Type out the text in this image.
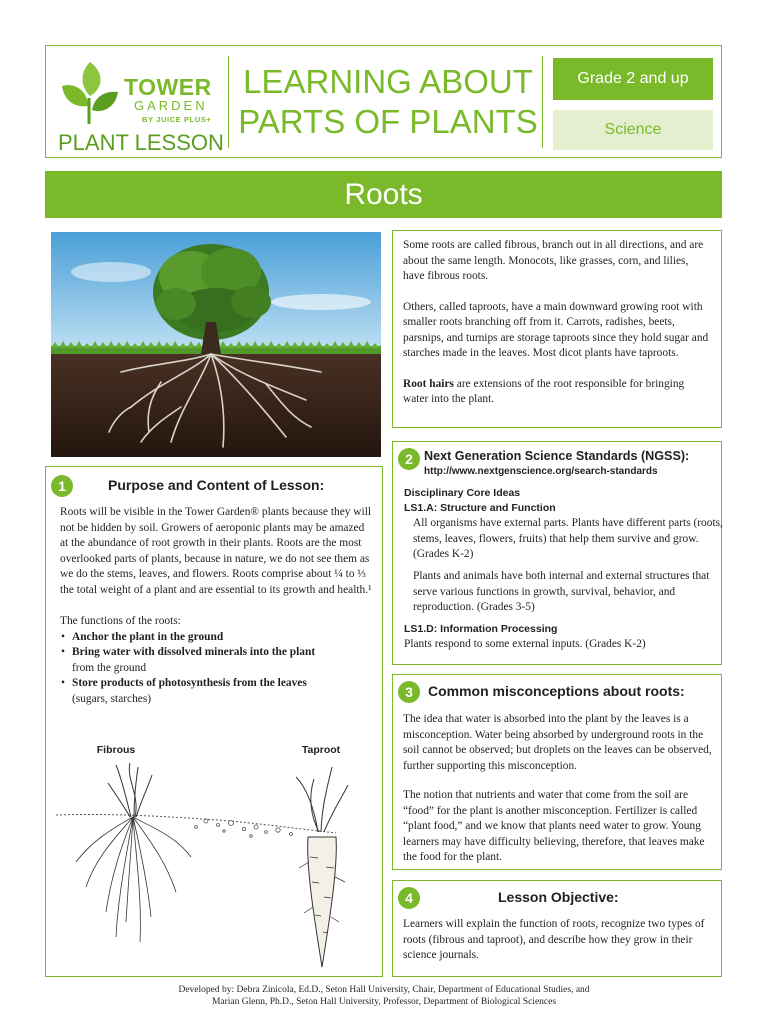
TOWER
GARDEN
BY JUICE PLUS+
PLANT LESSON
LEARNING ABOUT
PARTS OF PLANTS
Grade 2 and up
Science
Roots

Some roots are called fibrous, branch out in all directions, and are about the same length. Monocots, like grasses, corn, and lilies, have fibrous roots.

Others, called taproots, have a main downward growing root with smaller roots branching off from it. Carrots, radishes, beets, parsnips, and turnips are storage taproots since they hold sugar and starches made in the leaves. Most dicot plants have taproots.

Root hairs are extensions of the root responsible for bringing water into the plant.

1	Purpose and Content of Lesson:

Roots will be visible in the Tower Garden® plants because they will not be hidden by soil. Growers of aeroponic plants may be amazed at the abundance of root growth in their plants. Roots are the most overlooked parts of plants, because in nature, we do not see them as we do the stems, leaves, and flowers. Roots comprise about ¼ to ⅓ the total weight of a plant and are essential to its growth and health.¹

The functions of the roots:
• Anchor the plant in the ground
• Bring water with dissolved minerals into the plant
from the ground
• Store products of photosynthesis from the leaves
(sugars, starches)
Fibrous	Taproot
2 Next Generation Science Standards (NGSS):
http://www.nextgenscience.org/search-standards
Disciplinary Core Ideas
LS1.A: Structure and Function
All organisms have external parts. Plants have different parts (roots, stems, leaves, flowers, fruits) that help them survive and grow. (Grades K-2)
Plants and animals have both internal and external structures that serve various functions in growth, survival, behavior, and reproduction. (Grades 3-5)
LS1.D: Information Processing
Plants respond to some external inputs. (Grades K-2)
3	Common misconceptions about roots:

The idea that water is absorbed into the plant by the leaves is a misconception. Water being absorbed by underground roots in the soil cannot be observed; but droplets on the leaves can be observed, further supporting this misconception.

The notion that nutrients and water that come from the soil are “food” for the plant is another misconception. Fertilizer is called “plant food,” and we know that plants need water to grow. Young learners may have difficulty believing, therefore, that leaves make the food for the plant.

4	Lesson Objective:
Learners will explain the function of roots, recognize two types of roots (fibrous and taproot), and describe how they grow in their science journals.
Developed by: Debra Zinicola, Ed.D., Seton Hall University, Chair, Department of Educational Studies, and
Marian Glenn, Ph.D., Seton Hall University, Professor, Department of Biological Sciences
